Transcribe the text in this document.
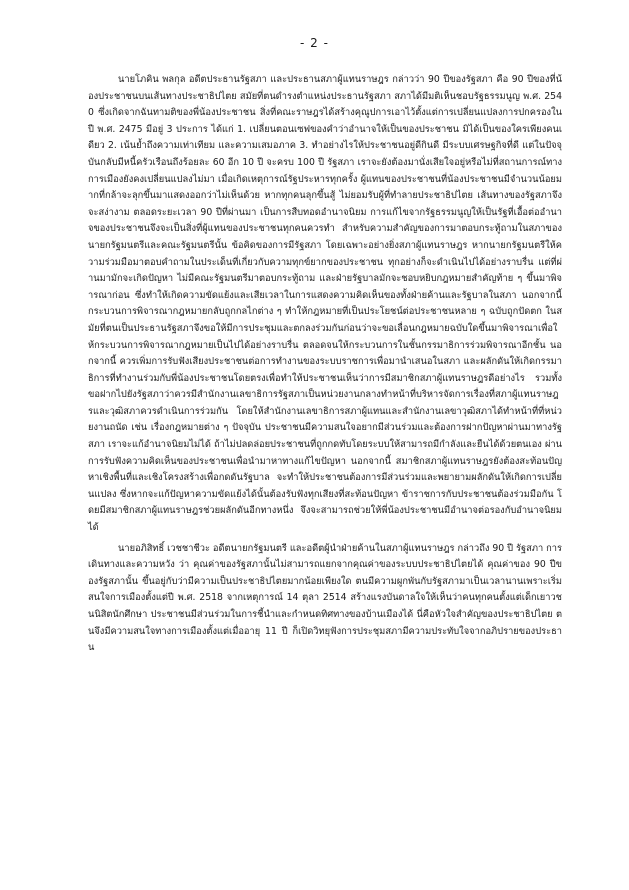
- 2 -

นายโภคิน พลกุล อดีตประธานรัฐสภา และประธานสภาผู้แทนราษฎร กล่าวว่า 90 ปีของรัฐสภา คือ 90 ปีของที่น้องประชาชนบนเส้นทางประชาธิปไตย สมัยที่ตนดำรงตำแหน่งประธานรัฐสภา สภาได้มีมติเห็นชอบรัฐธรรมนูญ พ.ศ. 2540 ซึ่งเกิดจากฉันทามติของพี่น้องประชาชน สิ่งที่คณะราษฎรได้สร้างคุณูปการเอาไว้ตั้งแต่การเปลี่ยนแปลงการปกครองในปี พ.ศ. 2475 มีอยู่ 3 ประการ ได้แก่ 1. เปลี่ยนตอนเซฟของคำว่าอำนาจให้เป็นของประชาชน มิได้เป็นของใครเพียงคนเดียว 2. เน้นย้ำถึงความเท่าเทียม และความเสมอภาค 3. ทำอย่างไรให้ประชาชนอยู่ดีกินดี มีระบบเศรษฐกิจที่ดี แต่ในปัจจุบันกลับมีหนี้ครัวเรือนถึงร้อยละ 60 อีก 10 ปี จะครบ 100 ปี รัฐสภา เราจะยังต้องมานั่งเสียใจอยู่หรือไม่ที่สถานการณ์ทางการเมืองยังคงเปลี่ยนแปลงไม่มา เมื่อเกิดเหตุการณ์รัฐประหารทุกครั้ง ผู้แทนของประชาชนที่น้องประชาชนมีจำนวนน้อยมากที่กล้าจะลุกขึ้นมาแสดงออกว่าไม่เห็นด้วย หากทุกคนลุกขึ้นสู้ ไม่ยอมรับผู้ที่ทำลายประชาธิปไตย เส้นทางของรัฐสภาจึงจะสง่างาม ตลอดระยะเวลา 90 ปีที่ผ่านมา เป็นการสืบทอดอำนาจนิยม การแก้ไขจากรัฐธรรมนูญให้เป็นรัฐที่เอื้อต่ออำนาจของประชาชนจึงจะเป็นสิ่งที่ผู้แทนของประชาชนทุกคนควรทำ สำหรับความสำคัญของการมาตอบกระทู้ถามในสภาของนายกรัฐมนตรีและคณะรัฐมนตรีนั้น ข้อคิดของการมีรัฐสภา โดยเฉพาะอย่างยิ่งสภาผู้แทนราษฎร หากนายกรัฐมนตรีให้ความร่วมมือมาตอบคำถามในประเด็นที่เกี่ยวกับความทุกข์ยากของประชาชน ทุกอย่างก็จะดำเนินไปได้อย่างราบรื่น แต่ที่ผ่านมามักจะเกิดปัญหา ไม่มีคณะรัฐมนตรีมาตอบกระทู้ถาม และฝ่ายรัฐบาลมักจะชอบหยิบกฎหมายสำคัญท้าย ๆ ขึ้นมาพิจารณาก่อน ซึ่งทำให้เกิดความขัดแย้งและเสียเวลาในการแสดงความคิดเห็นของทั้งฝ่ายค้านและรัฐบาลในสภา นอกจากนี้ กระบวนการพิจารณากฎหมายกลับถูกกลไกต่าง ๆ ทำให้กฎหมายที่เป็นประโยชน์ต่อประชาชนหลาย ๆ ฉบับถูกปัดตก ในสมัยที่ตนเป็นประธานรัฐสภาจึงขอให้มีการประชุมและตกลงร่วมกันก่อนว่าจะขอเลื่อนกฎหมายฉบับใดขึ้นมาพิจารณาเพื่อให้กระบวนการพิจารณากฎหมายเป็นไปได้อย่างราบรื่น ตลอดจนให้กระบวนการในชั้นกรรมาธิการร่วมพิจารณาอีกชั้น นอกจากนี้ ควรเพิ่มการรับฟังเสียงประชาชนต่อการทำงานของระบบราชการเพื่อมานำเสนอในสภา และผลักดันให้เกิดกรรมาธิการที่ทำงานร่วมกับพี่น้องประชาชนโดยตรงเพื่อทำให้ประชาชนเห็นว่าการมีสมาชิกสภาผู้แทนราษฎรดีอย่างไร รวมทั้ง ขอฝากไปยังรัฐสภาว่าควรมีสำนักงานเลขาธิการรัฐสภาเป็นหน่วยงานกลางทำหน้าที่บริหารจัดการเรื่องที่สภาผู้แทนราษฎรและวุฒิสภาควรดำเนินการร่วมกัน โดยให้สำนักงานเลขาธิการสภาผู้แทนและสำนักงานเลขาวุฒิสภาได้ทำหน้าที่ที่หน่วยงานถนัด เช่น เรื่องกฎหมายต่าง ๆ ปัจจุบัน ประชาชนมีความสนใจอยากมีส่วนร่วมและต้องการฝากปัญหาผ่านมาทางรัฐสภา เราจะแก้อำนาจนิยมไม่ได้ ถ้าไม่ปลดล่อยประชาชนที่ถูกกดทับโดยระบบให้สามารถมีกำลังและยืนได้ด้วยตนเอง ผ่านการรับฟังความคิดเห็นของประชาชนเพื่อนำมาหาทางแก้ไขปัญหา นอกจากนี้ สมาชิกสภาผู้แทนราษฎรยังต้องสะท้อนปัญหาเชิงพื้นที่และเชิงโครงสร้างเพื่อกดดันรัฐบาล จะทำให้ประชาชนต้องการมีส่วนร่วมและพยายามผลักดันให้เกิดการเปลี่ยนแปลง ซึ่งหากจะแก้ปัญหาความขัดแย้งได้นั้นต้องรับฟังทุกเสียงที่สะท้อนปัญหา ข้าราชการกับประชาชนต้องร่วมมือกัน โดยมีสมาชิกสภาผู้แทนราษฎรช่วยผลักดันอีกทางหนึ่ง จึงจะสามารถช่วยให้พี่น้องประชาชนมีอำนาจต่อรองกับอำนาจนิยมได้

นายอภิสิทธิ์ เวชชาชีวะ อดีตนายกรัฐมนตรี และอดีตผู้นำฝ่ายค้านในสภาผู้แทนราษฎร กล่าวถึง 90 ปี รัฐสภา การเดินทางและความหวัง ว่า คุณค่าของรัฐสภานั้นไม่สามารถแยกจากคุณค่าของระบบประชาธิปไตยได้ คุณค่าของ 90 ปีของรัฐสภานั้น ขึ้นอยู่กับว่ามีความเป็นประชาธิปไตยมากน้อยเพียงใด ตนมีความผูกพันกับรัฐสภามาเป็นเวลานานเพราะเริ่มสนใจการเมืองตั้งแต่ปี พ.ศ. 2518 จากเหตุการณ์ 14 ตุลา 2514 สร้างแรงบันดาลใจให้เห็นว่าคนทุกคนตั้งแต่เด็กเยาวชนนิสิตนักศึกษา ประชาชนมีส่วนร่วมในการชี้นำและกำหนดทิศทางของบ้านเมืองได้ นี่คือหัวใจสำคัญของประชาธิปไตย ตนจึงมีความสนใจทางการเมืองตั้งแต่เมื่ออายุ 11 ปี ก็เปิดวิทยุฟังการประชุมสภามีความประทับใจจากอภิปรายของประธาน
